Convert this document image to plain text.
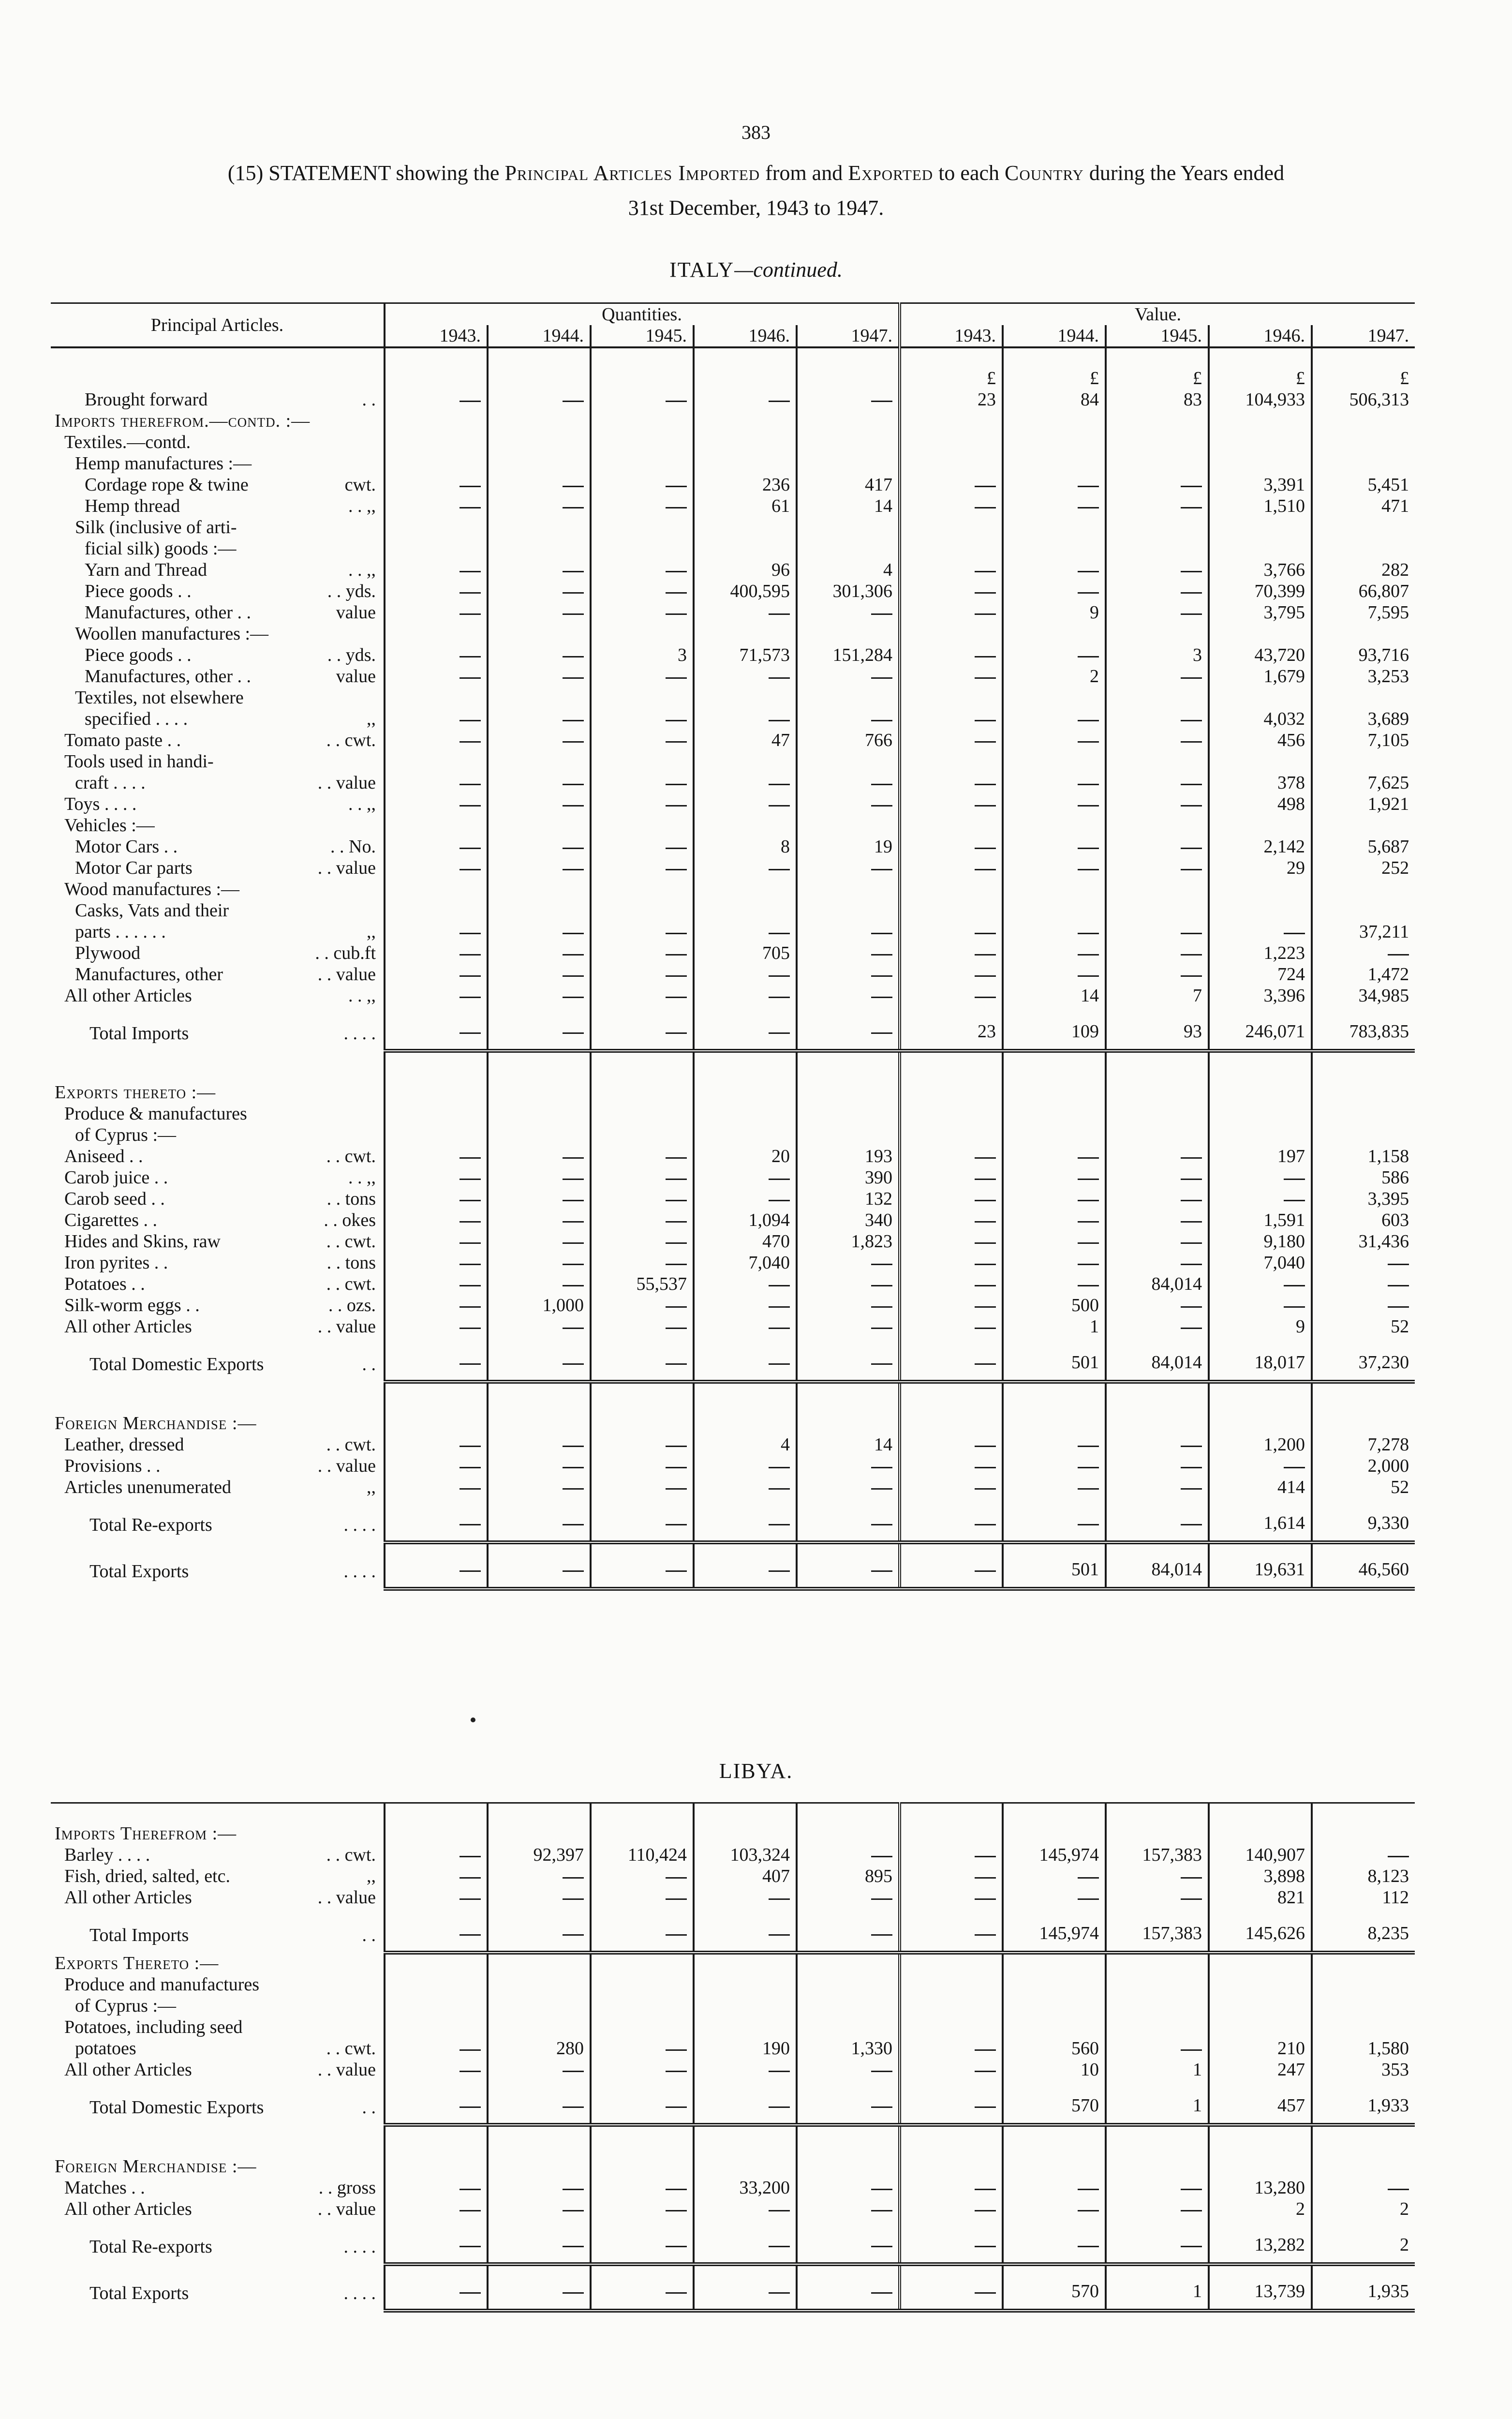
383
(15) STATEMENT showing the Principal Articles Imported from and Exported to each Country during the Years ended
31st December, 1943 to 1947.
ITALY—continued.
Principal Articles.	Quantities.					Value.				
	1943.	1944.	1945.	1946.	1947.	1943.	1944.	1945.	1946.	1947.

						£	£	£	£	£

Brought forward . .						23	84	83	104,933	506,313
Imports therefrom.—contd. :—										
Textiles.—contd.										
Hemp manufactures :—										

Cordage rope & twine cwt.				236	417				3,391	5,451

Hemp thread . . ,,				61	14				1,510	471
Silk (inclusive of arti-										
ficial silk) goods :—										

Yarn and Thread . . ,,				96	4				3,766	282

Piece goods . . . . yds.				400,595	301,306				70,399	66,807

Manufactures, other . . value							9		3,795	7,595
Woollen manufactures :—										

Piece goods . . . . yds.			3	71,573	151,284			3	43,720	93,716

Manufactures, other . . value							2		1,679	3,253
Textiles, not elsewhere										

specified . . . . ,,									4,032	3,689

Tomato paste . . . . cwt.				47	766				456	7,105
Tools used in handi-										

craft . . . . . . value									378	7,625

Toys . . . . . . ,,									498	1,921
Vehicles :—										

Motor Cars . . . . No.				8	19				2,142	5,687

Motor Car parts . . value									29	252
Wood manufactures :—										
Casks, Vats and their										

parts . . . . . . ,,										37,211

Plywood . . cub.ft				705					1,223	

Manufactures, other . . value									724	1,472

All other Articles . . ,,							14	7	3,396	34,985

Total Imports . . . .						23	109	93	246,071	783,835

Exports thereto :—										
Produce & manufactures										
of Cyprus :—										

Aniseed . . . . cwt.				20	193				197	1,158

Carob juice . . . . ,,					390					586

Carob seed . . . . tons					132					3,395

Cigarettes . . . . okes				1,094	340				1,591	603

Hides and Skins, raw . . cwt.				470	1,823				9,180	31,436

Iron pyrites . . . . tons				7,040					7,040	

Potatoes . . . . cwt.			55,537					84,014		

Silk-worm eggs . . . . ozs.		1,000					500			

All other Articles . . value							1		9	52

Total Domestic Exports . .							501	84,014	18,017	37,230

Foreign Merchandise :—										

Leather, dressed . . cwt.				4	14				1,200	7,278

Provisions . . . . value										2,000

Articles unenumerated ,,									414	52

Total Re-exports . . . .									1,614	9,330

Total Exports . . . .							501	84,014	19,631	46,560
LIBYA.

Imports Therefrom :—										

Barley . . . . . . cwt.		92,397	110,424	103,324			145,974	157,383	140,907	

Fish, dried, salted, etc. ,,				407	895				3,898	8,123

All other Articles . . value									821	112

Total Imports . .							145,974	157,383	145,626	8,235
Exports Thereto :—										
Produce and manufactures										
of Cyprus :—										
Potatoes, including seed										

potatoes . . cwt.		280		190	1,330		560		210	1,580

All other Articles . . value							10	1	247	353

Total Domestic Exports . .							570	1	457	1,933

Foreign Merchandise :—										

Matches . . . . gross				33,200					13,280	

All other Articles . . value									2	2

Total Re-exports . . . .									13,282	2

Total Exports . . . .							570	1	13,739	1,935
